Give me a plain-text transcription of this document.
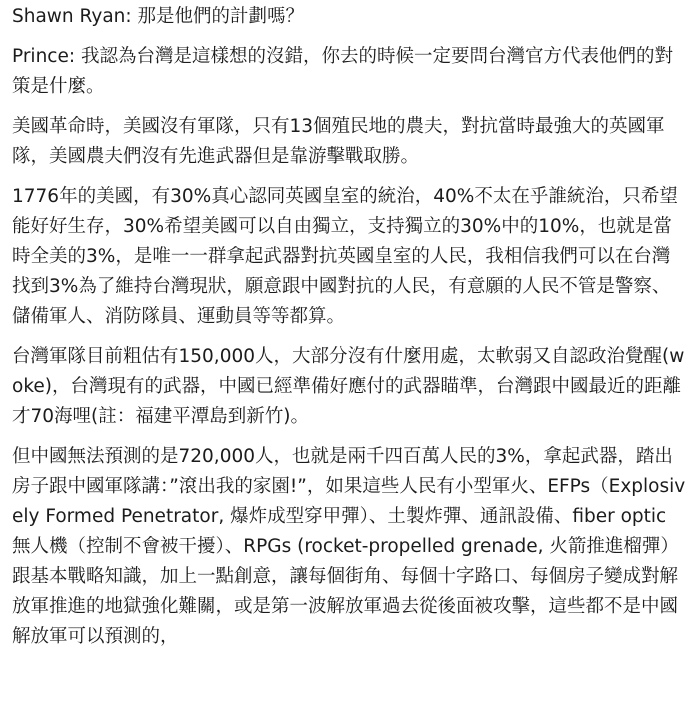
Shawn Ryan: 那是他們的計劃嗎？

Prince: 我認為台灣是這樣想的沒錯，你去的時候一定要問台灣官方代表他們的對策是什麼。

美國革命時，美國沒有軍隊，只有13個殖民地的農夫，對抗當時最強大的英國軍隊，美國農夫們沒有先進武器但是靠游擊戰取勝。

1776年的美國，有30%真心認同英國皇室的統治，40%不太在乎誰統治，只希望能好好生存，30%希望美國可以自由獨立，支持獨立的30%中的10%，也就是當時全美的3%，是唯一一群拿起武器對抗英國皇室的人民，我相信我們可以在台灣找到3%為了維持台灣現狀，願意跟中國對抗的人民，有意願的人民不管是警察、儲備軍人、消防隊員、運動員等等都算。

台灣軍隊目前粗估有150,000人，大部分沒有什麼用處，太軟弱又自認政治覺醒(woke)，台灣現有的武器，中國已經準備好應付的武器瞄準，台灣跟中國最近的距離才70海哩(註：福建平潭島到新竹)。

但中國無法預測的是720,000人，也就是兩千四百萬人民的3%，拿起武器，踏出房子跟中國軍隊講：”滾出我的家園!”，如果這些人民有小型軍火、EFPs（Explosively Formed Penetrator, 爆炸成型穿甲彈）、土製炸彈、通訊設備、fiber optic 無人機（控制不會被干擾）、RPGs (rocket-propelled grenade, 火箭推進榴彈）跟基本戰略知識，加上一點創意，讓每個街角、每個十字路口、每個房子變成對解放軍推進的地獄強化難關，或是第一波解放軍過去從後面被攻擊，這些都不是中國解放軍可以預測的，
